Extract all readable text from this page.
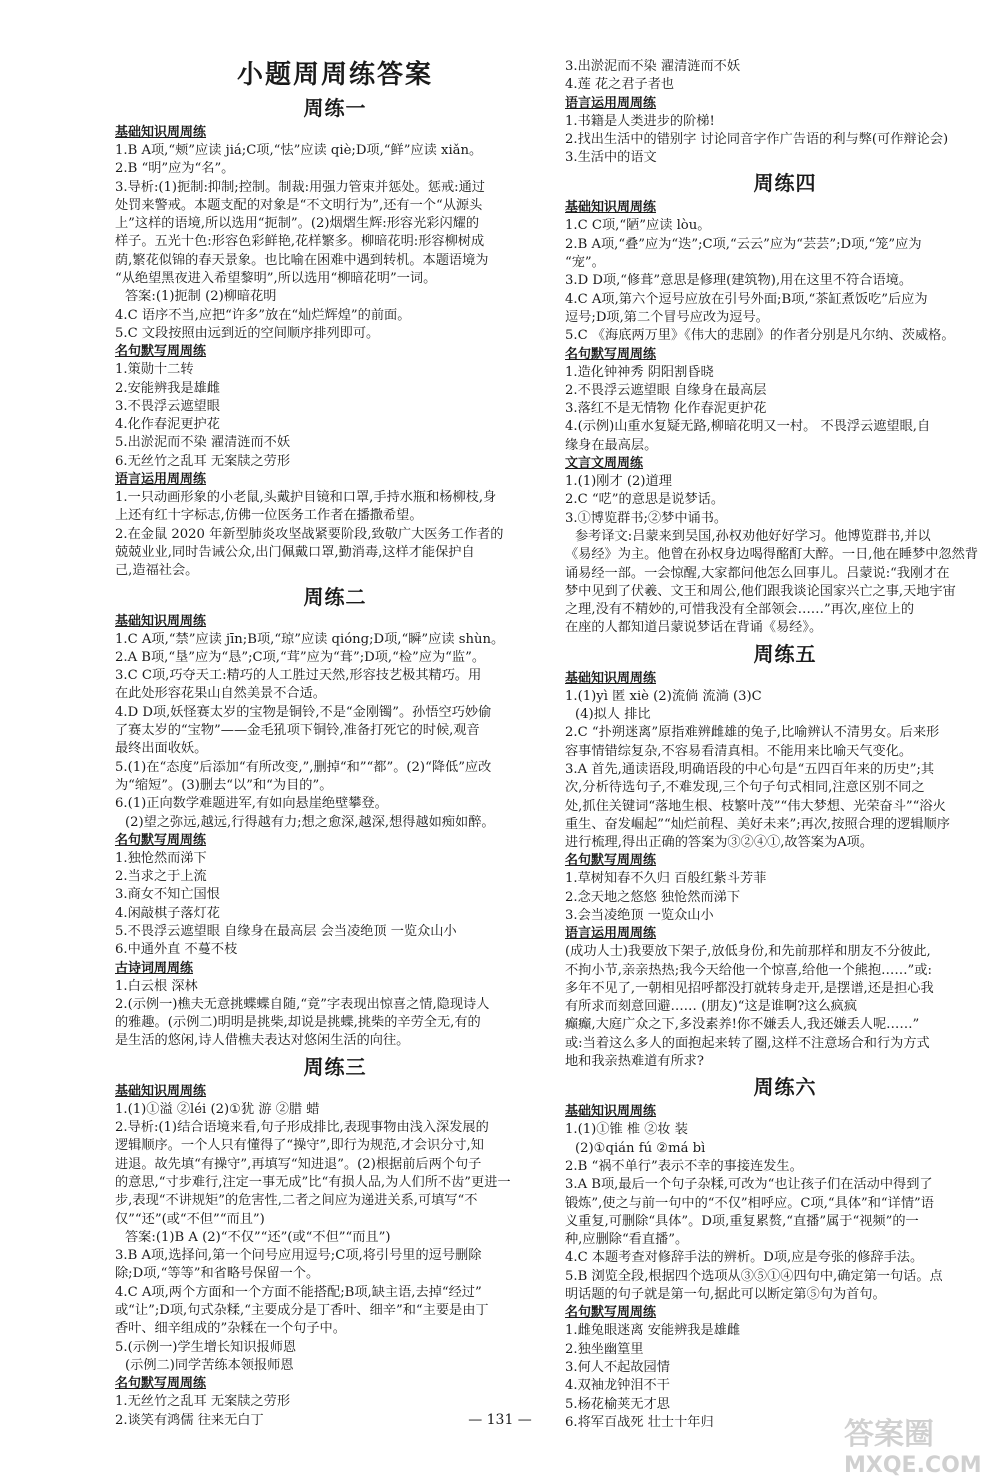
小题周周练答案
周练一
基础知识周周练
1.B A项,“颊”应读 jiá;C项,“怯”应读 qiè;D项,“鲜”应读 xiǎn。
2.B “明”应为“名”。
3.导析:(1)扼制:抑制;控制。制裁:用强力管束并惩处。惩戒:通过
处罚来警戒。本题支配的对象是“不文明行为”,还有一个“从源头
上”这样的语境,所以选用“扼制”。(2)烟熠生辉:形容光彩闪耀的
样子。五光十色:形容色彩鲜艳,花样繁多。柳暗花明:形容柳树成
荫,繁花似锦的春天景象。也比喻在困难中遇到转机。本题语境为
“从绝望黑夜进入希望黎明”,所以选用“柳暗花明”一词。
答案:(1)扼制 (2)柳暗花明
4.C 语序不当,应把“许多”放在“灿烂辉煌”的前面。
5.C 文段按照由远到近的空间顺序排列即可。
名句默写周周练
1.策勋十二转
2.安能辨我是雄雌
3.不畏浮云遮望眼
4.化作春泥更护花
5.出淤泥而不染 濯清涟而不妖
6.无丝竹之乱耳 无案牍之劳形
语言运用周周练
1.一只动画形象的小老鼠,头戴护目镜和口罩,手持水瓶和杨柳枝,身
上还有红十字标志,仿佛一位医务工作者在播撒希望。
2.在金鼠 2020 年新型肺炎攻坚战紧要阶段,致敬广大医务工作者的
兢兢业业,同时告诫公众,出门佩戴口罩,勤消毒,这样才能保护自
己,造福社会。
周练二
基础知识周周练
1.C A项,“禁”应读 jīn;B项,“琼”应读 qióng;D项,“瞬”应读 shùn。
2.A B项,“垦”应为“恳”;C项,“茸”应为“葺”;D项,“检”应为“监”。
3.C C项,巧夺天工:精巧的人工胜过天然,形容技艺极其精巧。用
在此处形容花果山自然美景不合适。
4.D D项,妖怪赛太岁的宝物是铜铃,不是“金刚镯”。孙悟空巧妙偷
了赛太岁的“宝物”——金毛犼项下铜铃,准备打死它的时候,观音
最终出面收妖。
5.(1)在“态度”后添加“有所改变,”,删掉“和”“都”。(2)“降低”应改
为“缩短”。(3)删去“以”和“为目的”。
6.(1)正向数学难题进军,有如向悬崖绝壁攀登。
(2)望之弥远,越远,行得越有力;想之愈深,越深,想得越如痴如醉。
名句默写周周练
1.独怆然而涕下
2.当求之于上流
3.商女不知亡国恨
4.闲敲棋子落灯花
5.不畏浮云遮望眼 自缘身在最高层 会当凌绝顶 一览众山小
6.中通外直 不蔓不枝
古诗词周周练
1.白云根 深林
2.(示例一)樵夫无意挑蝶蝶自随,“竟”字表现出惊喜之情,隐现诗人
的雅趣。(示例二)明明是挑柴,却说是挑蝶,挑柴的辛劳全无,有的
是生活的悠闲,诗人借樵夫表达对悠闲生活的向往。
周练三
基础知识周周练
1.(1)①溢 ②léi (2)①犹 游 ②腊 蜡
2.导析:(1)结合语境来看,句子形成排比,表现事物由浅入深发展的
逻辑顺序。一个人只有懂得了“操守”,即行为规范,才会识分寸,知
进退。故先填“有操守”,再填写“知进退”。(2)根据前后两个句子
的意思,“寸步难行,注定一事无成”比“有损人品,为人们所不齿”更进一
步,表现“不讲规矩”的危害性,二者之间应为递进关系,可填写“不
仅”“还”(或“不但”“而且”)
答案:(1)B A (2)“不仅”“还”(或“不但”“而且”)
3.B A项,选择问,第一个问号应用逗号;C项,将引号里的逗号删除
除;D项,“等等”和省略号保留一个。
4.C A项,两个方面和一个方面不能搭配;B项,缺主语,去掉“经过”
或“让”;D项,句式杂糅,“主要成分是丁香叶、细辛”和“主要是由丁
香叶、细辛组成的”杂糅在一个句子中。
5.(示例一)学生增长知识报师恩
(示例二)同学苦练本领报师恩
名句默写周周练
1.无丝竹之乱耳 无案牍之劳形
2.谈笑有鸿儒 往来无白丁
3.出淤泥而不染 濯清涟而不妖
4.莲 花之君子者也
语言运用周周练
1.书籍是人类进步的阶梯!
2.找出生活中的错别字 讨论同音字作广告语的利与弊(可作辩论会)
3.生活中的语文
周练四
基础知识周周练
1.C C项,“陋”应读 lòu。
2.B A项,“叠”应为“迭”;C项,“云云”应为“芸芸”;D项,“笼”应为
“宠”。
3.D D项,“修葺”意思是修理(建筑物),用在这里不符合语境。
4.C A项,第六个逗号应放在引号外面;B项,“茶缸煮饭吃”后应为
逗号;D项,第二个冒号应改为逗号。
5.C 《海底两万里》《伟大的悲剧》的作者分别是凡尔纳、茨威格。
名句默写周周练
1.造化钟神秀 阴阳割昏晓
2.不畏浮云遮望眼 自缘身在最高层
3.落红不是无情物 化作春泥更护花
4.(示例)山重水复疑无路,柳暗花明又一村。 不畏浮云遮望眼,自
缘身在最高层。
文言文周周练
1.(1)刚才 (2)道理
2.C “呓”的意思是说梦话。
3.①博览群书;②梦中诵书。
参考译文:吕蒙来到吴国,孙权劝他好好学习。他博览群书,并以
《易经》为主。他曾在孙权身边喝得酩酊大醉。一日,他在睡梦中忽然背
诵易经一部。一会惊醒,大家都问他怎么回事儿。吕蒙说:“我刚才在
梦中见到了伏羲、文王和周公,他们跟我谈论国家兴亡之事,天地宇宙
之理,没有不精妙的,可惜我没有全部领会……”再次,座位上的
在座的人都知道吕蒙说梦话在背诵《易经》。
周练五
基础知识周周练
1.(1)yì 匿 xiè (2)流倘 流淌 (3)C
(4)拟人 排比
2.C “扑朔迷离”原指难辨雌雄的兔子,比喻辨认不清男女。后来形
容事情错综复杂,不容易看清真相。不能用来比喻天气变化。
3.A 首先,通读语段,明确语段的中心句是“五四百年来的历史”;其
次,分析待选句子,不难发现,三个句子句式相同,注意区别不同之
处,抓住关键词“落地生根、枝繁叶茂”“伟大梦想、光荣奋斗”“浴火
重生、奋发崛起”“灿烂前程、美好未来”;再次,按照合理的逻辑顺序
进行梳理,得出正确的答案为③②④①,故答案为A项。
名句默写周周练
1.草树知春不久归 百般红紫斗芳菲
2.念天地之悠悠 独怆然而涕下
3.会当凌绝顶 一览众山小
语言运用周周练
(成功人士)我要放下架子,放低身份,和先前那样和朋友不分彼此,
不拘小节,亲亲热热;我今天给他一个惊喜,给他一个熊抱……”或:
多年不见了,一朝相见招呼都没打就转身走开,是摆谱,还是担心我
有所求而刻意回避…… (朋友)“这是谁啊?这么疯疯
癫癫,大庭广众之下,多没素养!你不嫌丢人,我还嫌丢人呢……”
或:当着这么多人的面抱起来转了圈,这样不注意场合和行为方式
地和我亲热难道有所求?
周练六
基础知识周周练
1.(1)①锥 椎 ②妆 装
(2)①qián fú ②má bì
2.B “祸不单行”表示不幸的事接连发生。
3.A B项,最后一个句子杂糅,可改为“也让孩子们在活动中得到了
锻炼”,使之与前一句中的“不仅”相呼应。C项,“具体”和“详情”语
义重复,可删除“具体”。D项,重复累赘,“直播”属于“视频”的一
种,应删除“看直播”。
4.C 本题考查对修辞手法的辨析。D项,应是夸张的修辞手法。
5.B 浏览全段,根据四个选项从③⑤①④四句中,确定第一句话。点
明话题的句子就是第一句,据此可以断定第⑤句为首句。
名句默写周周练
1.雌兔眼迷离 安能辨我是雄雌
2.独坐幽篁里
3.何人不起故园情
4.双袖龙钟泪不干
5.杨花榆荚无才思
6.将军百战死 壮士十年归
— 131 —	答案圈
MXQE.COM
